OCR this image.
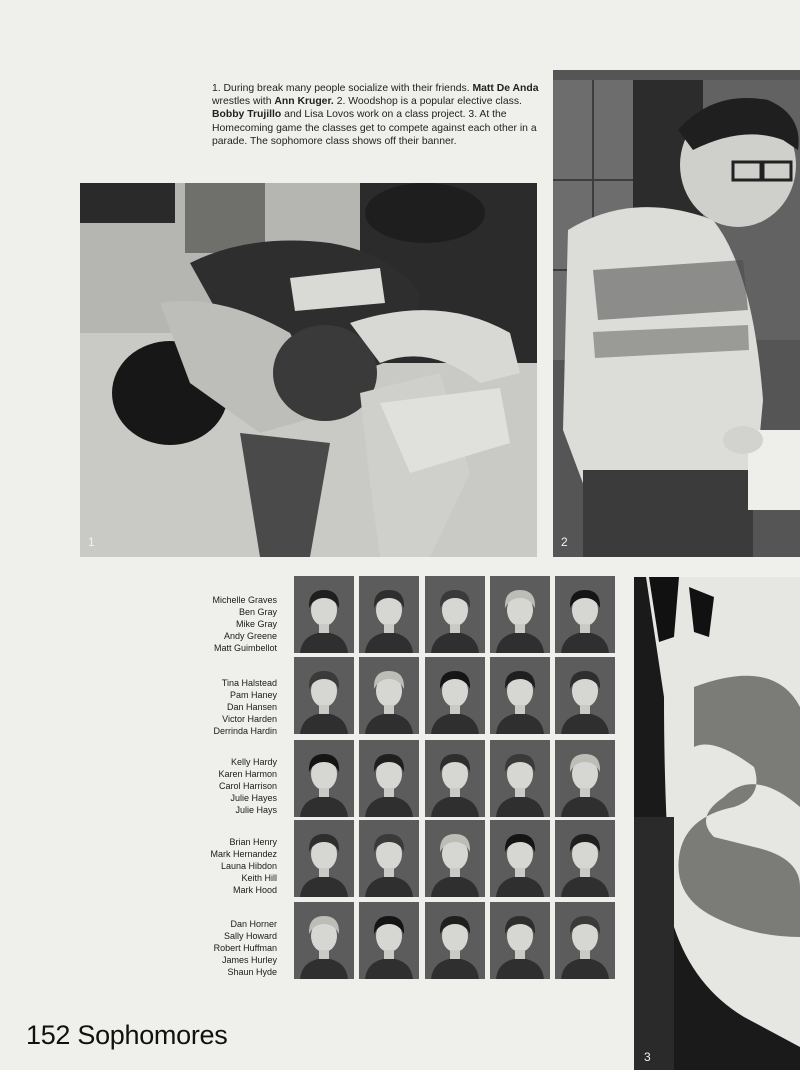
1. During break many people socialize with their friends. Matt De Anda wrestles with Ann Kruger. 2. Woodshop is a popular elective class. Bobby Trujillo and Lisa Lovos work on a class project. 3. At the Homecoming game the classes get to compete against each other in a parade. The sophomore class shows off their banner.
1	2
3
Michelle Graves
Ben Gray
Mike Gray
Andy Greene
Matt Guimbellot
Tina Halstead
Pam Haney
Dan Hansen
Victor Harden
Derrinda Hardin
Kelly Hardy
Karen Harmon
Carol Harrison
Julie Hayes
Julie Hays
Brian Henry
Mark Hernandez
Launa Hibdon
Keith Hill
Mark Hood
Dan Horner
Sally Howard
Robert Huffman
James Hurley
Shaun Hyde
152 Sophomores
